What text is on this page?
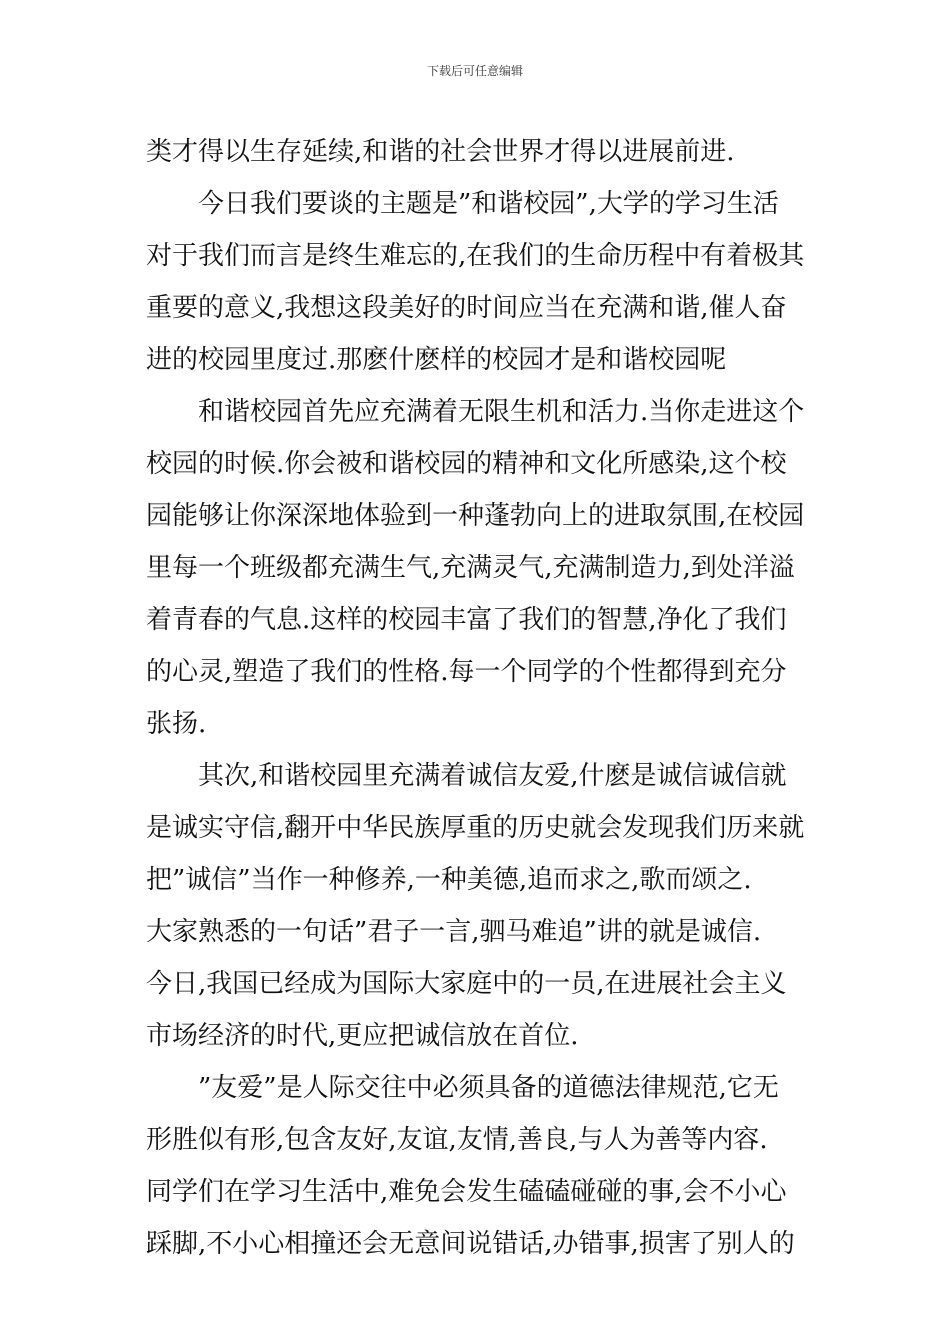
下载后可任意编辑
类才得以生存延续,和谐的社会世界才得以进展前进.
今日我们要谈的主题是”和谐校园”,大学的学习生活
对于我们而言是终生难忘的,在我们的生命历程中有着极其
重要的意义,我想这段美好的时间应当在充满和谐,催人奋
进的校园里度过.那麽什麽样的校园才是和谐校园呢
和谐校园首先应充满着无限生机和活力.当你走进这个
校园的时候.你会被和谐校园的精神和文化所感染,这个校
园能够让你深深地体验到一种蓬勃向上的进取氛围,在校园
里每一个班级都充满生气,充满灵气,充满制造力,到处洋溢
着青春的气息.这样的校园丰富了我们的智慧,净化了我们
的心灵,塑造了我们的性格.每一个同学的个性都得到充分
张扬.
其次,和谐校园里充满着诚信友爱,什麽是诚信诚信就
是诚实守信,翻开中华民族厚重的历史就会发现我们历来就
把”诚信”当作一种修养,一种美德,追而求之,歌而颂之.
大家熟悉的一句话”君子一言,驷马难追”讲的就是诚信.
今日,我国已经成为国际大家庭中的一员,在进展社会主义
市场经济的时代,更应把诚信放在首位.
”友爱”是人际交往中必须具备的道德法律规范,它无
形胜似有形,包含友好,友谊,友情,善良,与人为善等内容.
同学们在学习生活中,难免会发生磕磕碰碰的事,会不小心
踩脚,不小心相撞还会无意间说错话,办错事,损害了别人的
